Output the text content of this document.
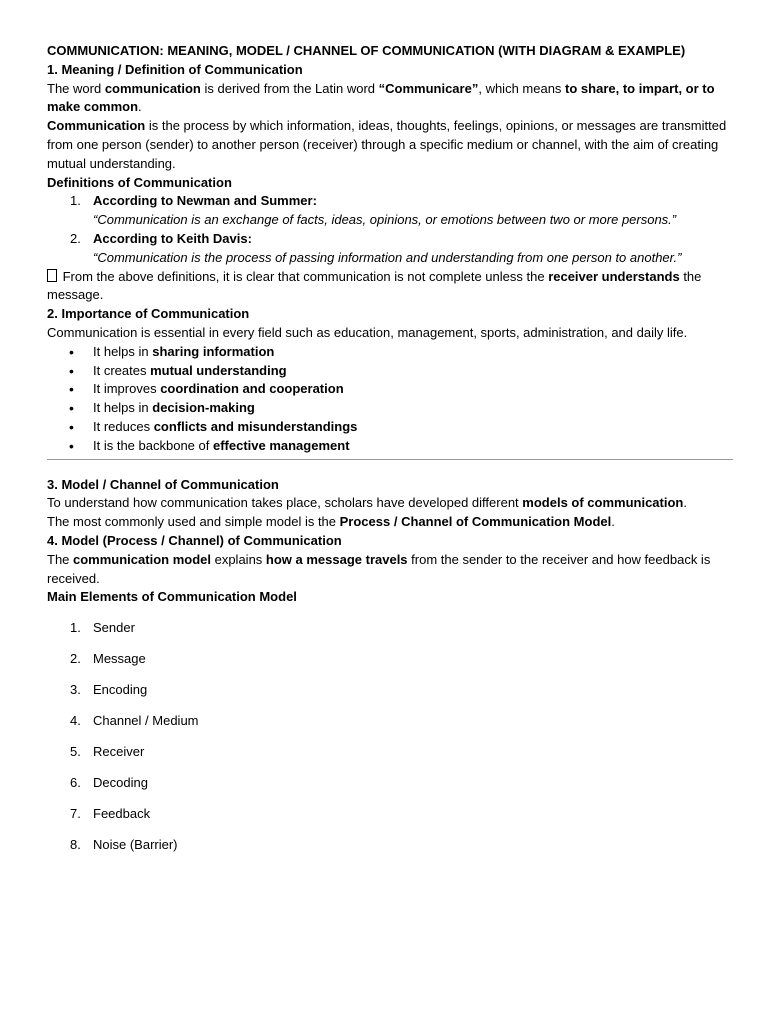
COMMUNICATION: MEANING, MODEL / CHANNEL OF COMMUNICATION (WITH DIAGRAM & EXAMPLE)

1. Meaning / Definition of Communication

The word communication is derived from the Latin word “Communicare”, which means to share, to impart, or to make common.

Communication is the process by which information, ideas, thoughts, feelings, opinions, or messages are transmitted from one person (sender) to another person (receiver) through a specific medium or channel, with the aim of creating mutual understanding.

Definitions of Communication

1. According to Newman and Summer:
“Communication is an exchange of facts, ideas, opinions, or emotions between two or more persons.”
2. According to Keith Davis:
“Communication is the process of passing information and understanding from one person to another.”

From the above definitions, it is clear that communication is not complete unless the receiver understands the message.

2. Importance of Communication

Communication is essential in every field such as education, management, sports, administration, and daily life.

• It helps in sharing information
• It creates mutual understanding
• It improves coordination and cooperation
• It helps in decision-making
• It reduces conflicts and misunderstandings
• It is the backbone of effective management

3. Model / Channel of Communication

To understand how communication takes place, scholars have developed different models of communication.

The most commonly used and simple model is the Process / Channel of Communication Model.

4. Model (Process / Channel) of Communication

The communication model explains how a message travels from the sender to the receiver and how feedback is received.

Main Elements of Communication Model

1. Sender
2. Message
3. Encoding
4. Channel / Medium
5. Receiver
6. Decoding
7. Feedback
8. Noise (Barrier)
